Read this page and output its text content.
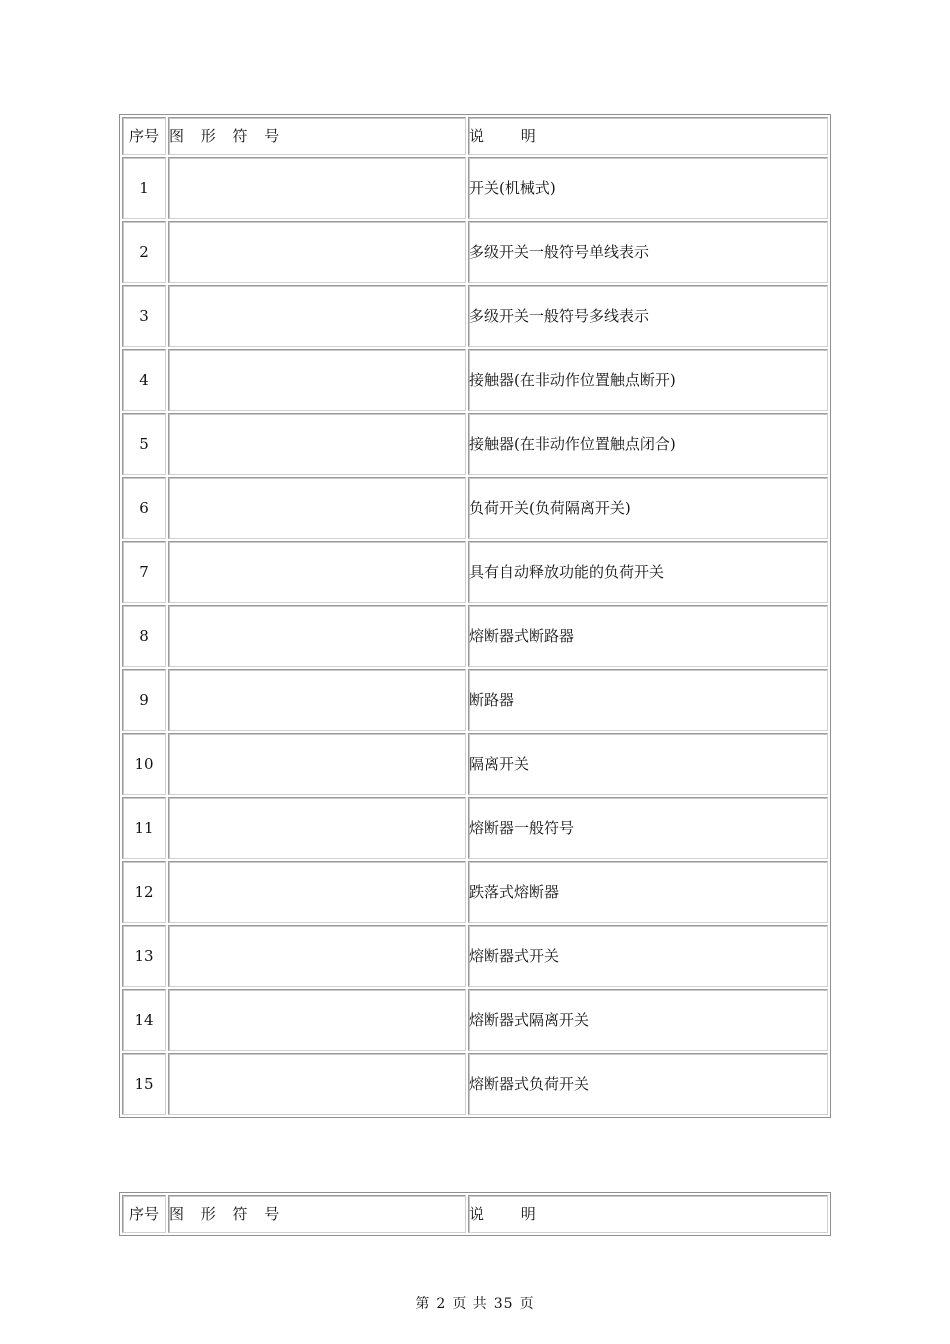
序号	图 形 符 号	说 明
1		开关(机械式)
2		多级开关一般符号单线表示
3		多级开关一般符号多线表示
4		接触器(在非动作位置触点断开)
5		接触器(在非动作位置触点闭合)
6		负荷开关(负荷隔离开关)
7		具有自动释放功能的负荷开关
8		熔断器式断路器
9		断路器
10		隔离开关
11		熔断器一般符号
12		跌落式熔断器
13		熔断器式开关
14		熔断器式隔离开关
15		熔断器式负荷开关
序号	图 形 符 号	说 明
第 2 页 共 35 页
